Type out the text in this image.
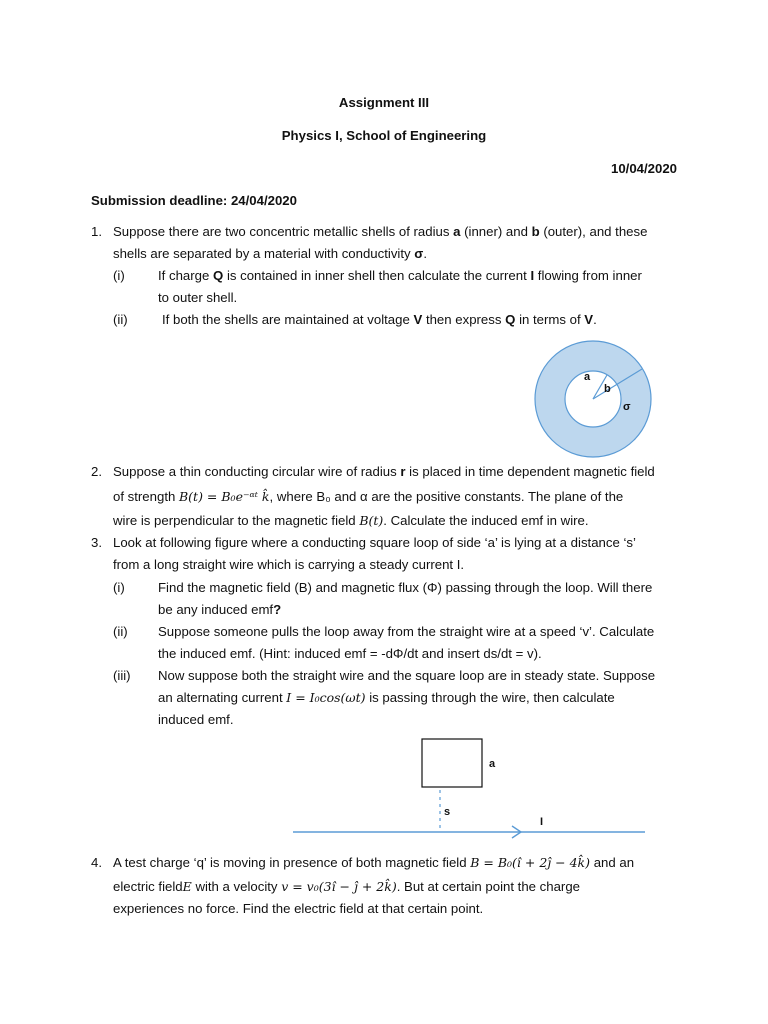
Assignment III
Physics I, School of Engineering
10/04/2020
Submission deadline: 24/04/2020
1. Suppose there are two concentric metallic shells of radius a (inner) and b (outer), and these
shells are separated by a material with conductivity σ.
(i)	If charge Q is contained in inner shell then calculate the current I flowing from inner
to outer shell.
(ii)	If both the shells are maintained at voltage V then express Q in terms of V.
a
b
σ
2. Suppose a thin conducting circular wire of radius r is placed in time dependent magnetic field
of strength B(t) = B₀e⁻ᵅᵗ k̂, where B₀ and α are the positive constants. The plane of the
wire is perpendicular to the magnetic field B(t). Calculate the induced emf in wire.
3. Look at following figure where a conducting square loop of side ‘a’ is lying at a distance ‘s’
from a long straight wire which is carrying a steady current I.
(i)	Find the magnetic field (B) and magnetic flux (Φ) passing through the loop. Will there
be any induced emf?
(ii) Suppose someone pulls the loop away from the straight wire at a speed ‘v’. Calculate
the induced emf. (Hint: induced emf = -dΦ/dt and insert ds/dt = v).
(iii) Now suppose both the straight wire and the square loop are in steady state. Suppose
an alternating current I = I₀cos(ωt) is passing through the wire, then calculate
induced emf.
a
s
I
4. A test charge ‘q’ is moving in presence of both magnetic field B = B₀(î + 2ĵ − 4k̂) and an
electric fieldE with a velocity v = v₀(3î − ĵ + 2k̂). But at certain point the charge
experiences no force. Find the electric field at that certain point.
